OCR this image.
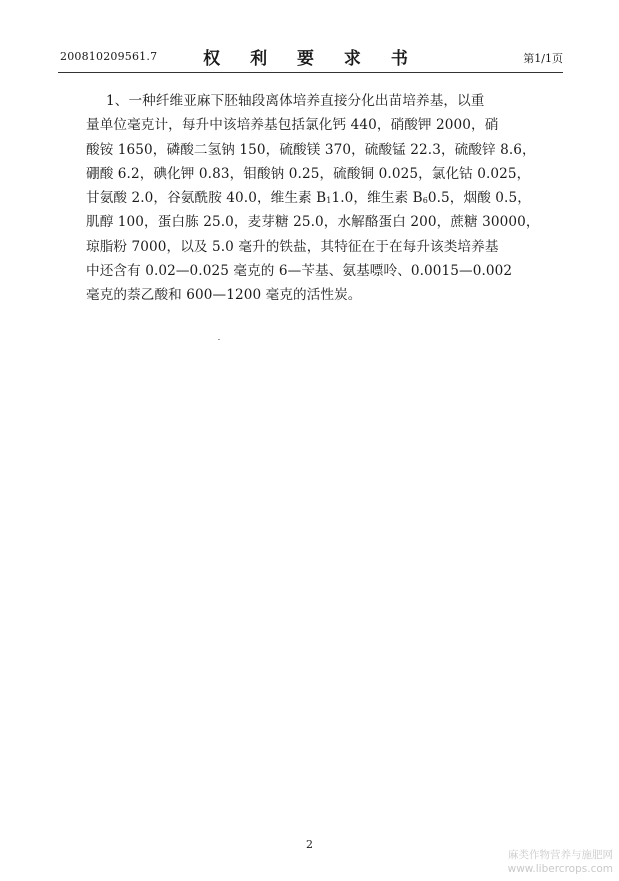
200810209561.7	权 利 要 求 书	第1/1页
1、一种纤维亚麻下胚轴段离体培养直接分化出苗培养基，以重
量单位毫克计，每升中该培养基包括氯化钙 440，硝酸钾 2000，硝
酸铵 1650，磷酸二氢钠 150，硫酸镁 370，硫酸锰 22.3，硫酸锌 8.6，
硼酸 6.2，碘化钾 0.83，钼酸钠 0.25，硫酸铜 0.025，氯化钴 0.025，
甘氨酸 2.0，谷氨酰胺 40.0，维生素 B11.0，维生素 B60.5，烟酸 0.5，
肌醇 100，蛋白胨 25.0，麦芽糖 25.0，水解酪蛋白 200，蔗糖 30000，
琼脂粉 7000，以及 5.0 毫升的铁盐，其特征在于在每升该类培养基
中还含有 0.02—0.025 毫克的 6—苄基、氨基嘌呤、0.0015—0.002
毫克的萘乙酸和 600—1200 毫克的活性炭。
2
麻类作物营养与施肥网
www.libercrops.com
